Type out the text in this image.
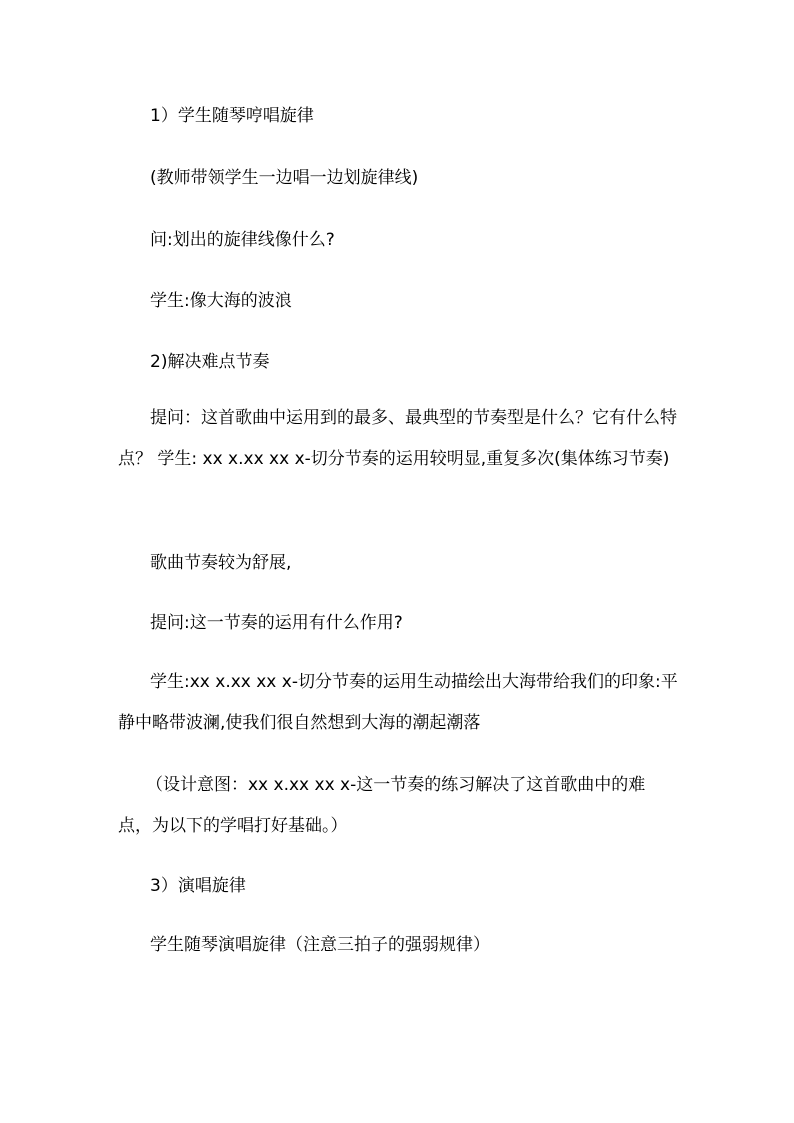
1）学生随琴哼唱旋律

(教师带领学生一边唱一边划旋律线)

问:划出的旋律线像什么?

学生:像大海的波浪

2)解决难点节奏

提问：这首歌曲中运用到的最多、最典型的节奏型是什么？它有什么特点？ 学生: xx x.xx xx x-切分节奏的运用较明显,重复多次(集体练习节奏)

歌曲节奏较为舒展,

提问:这一节奏的运用有什么作用?

学生:xx x.xx xx x-切分节奏的运用生动描绘出大海带给我们的印象:平静中略带波澜,使我们很自然想到大海的潮起潮落

（设计意图：xx x.xx xx x-这一节奏的练习解决了这首歌曲中的难点，为以下的学唱打好基础。）

3）演唱旋律

学生随琴演唱旋律（注意三拍子的强弱规律）
